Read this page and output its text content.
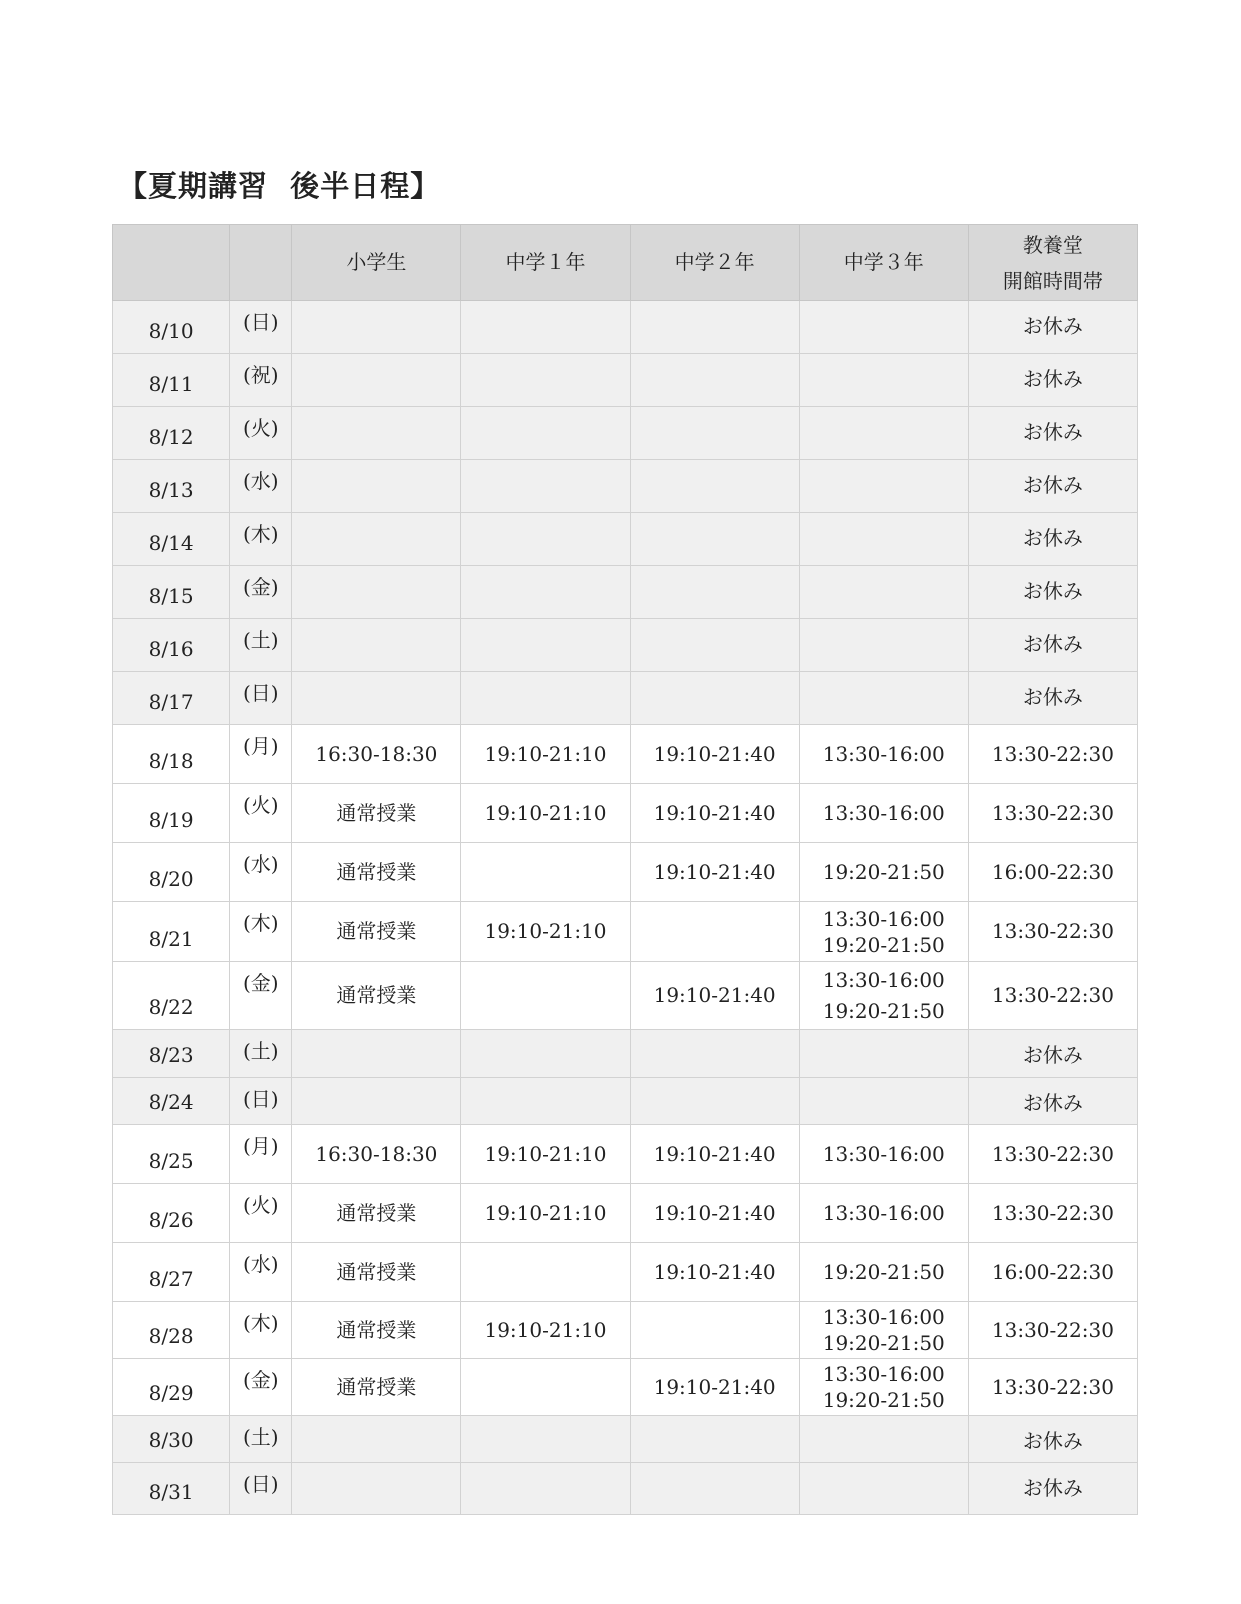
【夏期講習  後半日程】
		小学生	中学１年	中学２年	中学３年	教養堂
開館時間帯

8/10	(日)					お休み

8/11	(祝)					お休み

8/12	(火)					お休み

8/13	(水)					お休み

8/14	(木)					お休み

8/15	(金)					お休み

8/16	(土)					お休み

8/17	(日)					お休み

8/18	(月)	16:30-18:30	19:10-21:10	19:10-21:40	13:30-16:00	13:30-22:30

8/19	(火)	通常授業	19:10-21:10	19:10-21:40	13:30-16:00	13:30-22:30

8/20	(水)	通常授業		19:10-21:40	19:20-21:50	16:00-22:30

8/21	(木)	通常授業	19:10-21:10		13:30-16:00
19:20-21:50	13:30-22:30

8/22	(金)	通常授業		19:10-21:40	13:30-16:00
19:20-21:50	13:30-22:30

8/23	(土)					お休み

8/24	(日)					お休み

8/25	(月)	16:30-18:30	19:10-21:10	19:10-21:40	13:30-16:00	13:30-22:30

8/26	(火)	通常授業	19:10-21:10	19:10-21:40	13:30-16:00	13:30-22:30

8/27	(水)	通常授業		19:10-21:40	19:20-21:50	16:00-22:30

8/28	(木)	通常授業	19:10-21:10		13:30-16:00
19:20-21:50	13:30-22:30

8/29	(金)	通常授業		19:10-21:40	13:30-16:00
19:20-21:50	13:30-22:30

8/30	(土)					お休み

8/31	(日)					お休み
